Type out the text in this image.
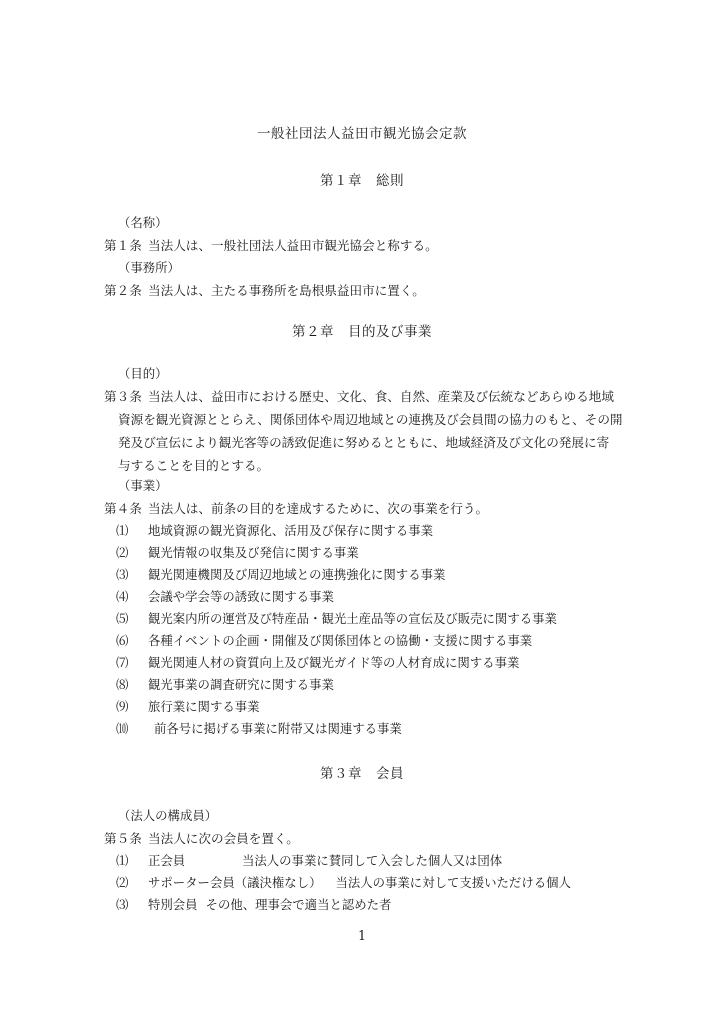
一般社団法人益田市観光協会定款
第１章 総則
（名称）
第１条 当法人は、一般社団法人益田市観光協会と称する。
（事務所）
第２条 当法人は、主たる事務所を島根県益田市に置く。
第２章 目的及び事業
（目的）
第３条 当法人は、益田市における歴史、文化、食、自然、産業及び伝統などあらゆる地域
資源を観光資源ととらえ、関係団体や周辺地域との連携及び会員間の協力のもと、その開
発及び宣伝により観光客等の誘致促進に努めるとともに、地域経済及び文化の発展に寄
与することを目的とする。
（事業）
第４条 当法人は、前条の目的を達成するために、次の事業を行う。
⑴ 地域資源の観光資源化、活用及び保存に関する事業
⑵ 観光情報の収集及び発信に関する事業
⑶ 観光関連機関及び周辺地域との連携強化に関する事業
⑷ 会議や学会等の誘致に関する事業
⑸ 観光案内所の運営及び特産品・観光土産品等の宣伝及び販売に関する事業
⑹ 各種イベントの企画・開催及び関係団体との協働・支援に関する事業
⑺ 観光関連人材の資質向上及び観光ガイド等の人材育成に関する事業
⑻ 観光事業の調査研究に関する事業
⑼ 旅行業に関する事業
⑽ 前各号に掲げる事業に附帯又は関連する事業
第３章 会員
（法人の構成員）
第５条 当法人に次の会員を置く。
⑴ 正会員	当法人の事業に賛同して入会した個人又は団体
⑵ サポーター会員（議決権なし） 当法人の事業に対して支援いただける個人
⑶ 特別会員 その他、理事会で適当と認めた者
1
